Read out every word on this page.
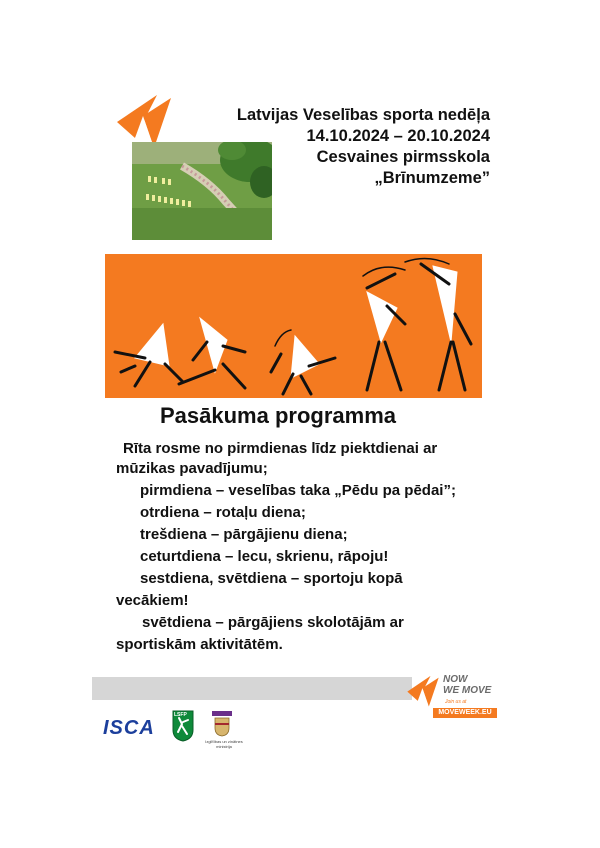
Latvijas Veselības sporta nedēļa
14.10.2024 – 20.10.2024
Cesvaines pirmsskola
„Brīnumzeme”
Pasākuma programma
Rīta rosme no pirmdienas līdz piektdienai ar
mūzikas pavadījumu;
pirmdiena – veselības taka „Pēdu pa pēdai”;
otrdiena – rotaļu diena;
trešdiena – pārgājienu diena;
ceturtdiena – lecu, skrienu, rāpoju!
sestdiena, svētdiena – sportoju kopā
vecākiem!
svētdiena – pārgājiens skolotājām ar
sportiskām aktivitātēm.
NOW
WE MOVE
Join us at
MOVEWEEK.EU
ISCA
LSFP
Izglītības un zinātnes ministrija
